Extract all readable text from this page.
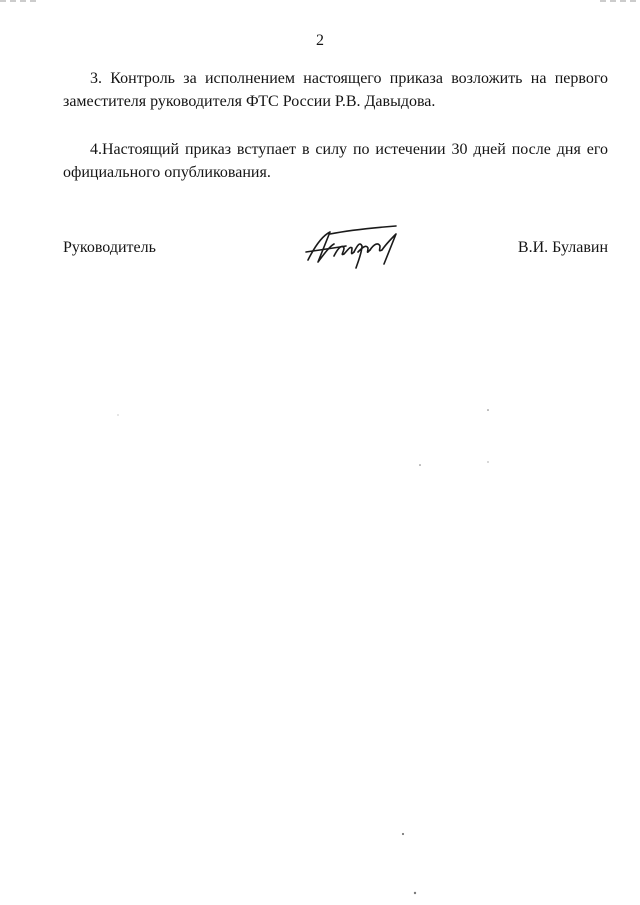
2
3. Контроль за исполнением настоящего приказа возложить на первого
заместителя руководителя ФТС России Р.В. Давыдова.
4.Настоящий приказ вступает в силу по истечении 30 дней после дня его
официального опубликования.
Руководитель	В.И. Булавин
